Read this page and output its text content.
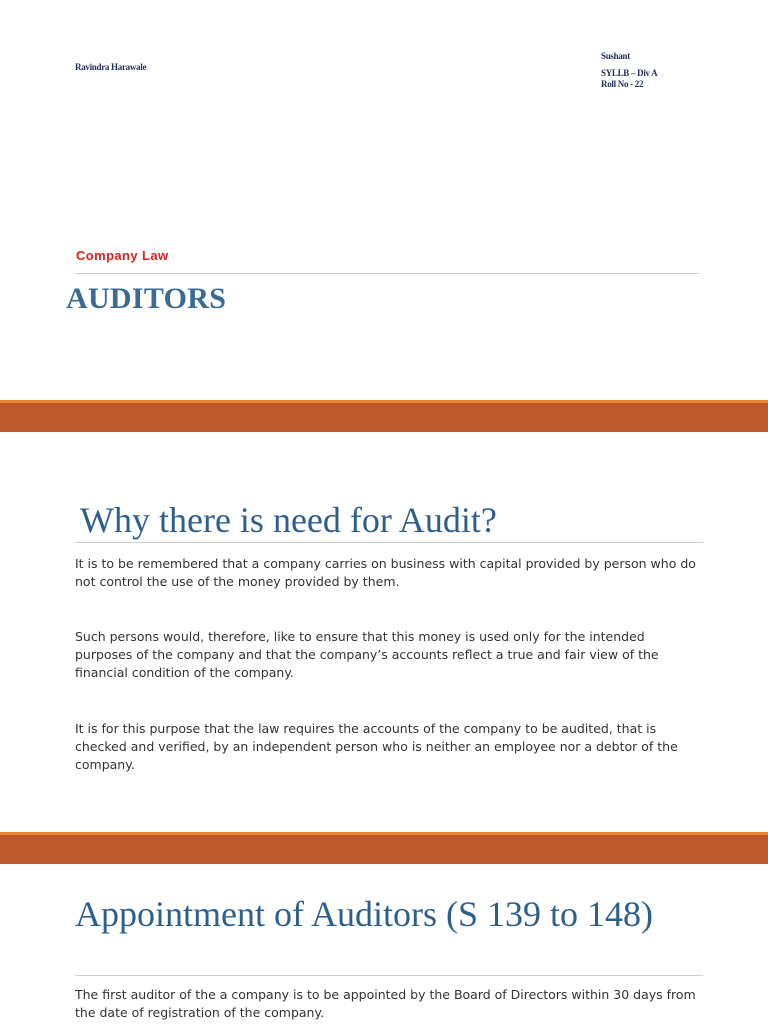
Ravindra Harawale
Sushant
SYLLB – Div A
Roll No - 22
Company Law
AUDITORS
Why there is need for Audit?

It is to be remembered that a company carries on business with capital provided by person who do not control the use of the money provided by them.

Such persons would, therefore, like to ensure that this money is used only for the intended purposes of the company and that the company’s accounts reflect a true and fair view of the financial condition of the company.

It is for this purpose that the law requires the accounts of the company to be audited, that is checked and verified, by an independent person who is neither an employee nor a debtor of the company.

Appointment of Auditors (S 139 to 148)

The first auditor of the a company is to be appointed by the Board of Directors within 30 days from the date of registration of the company.
